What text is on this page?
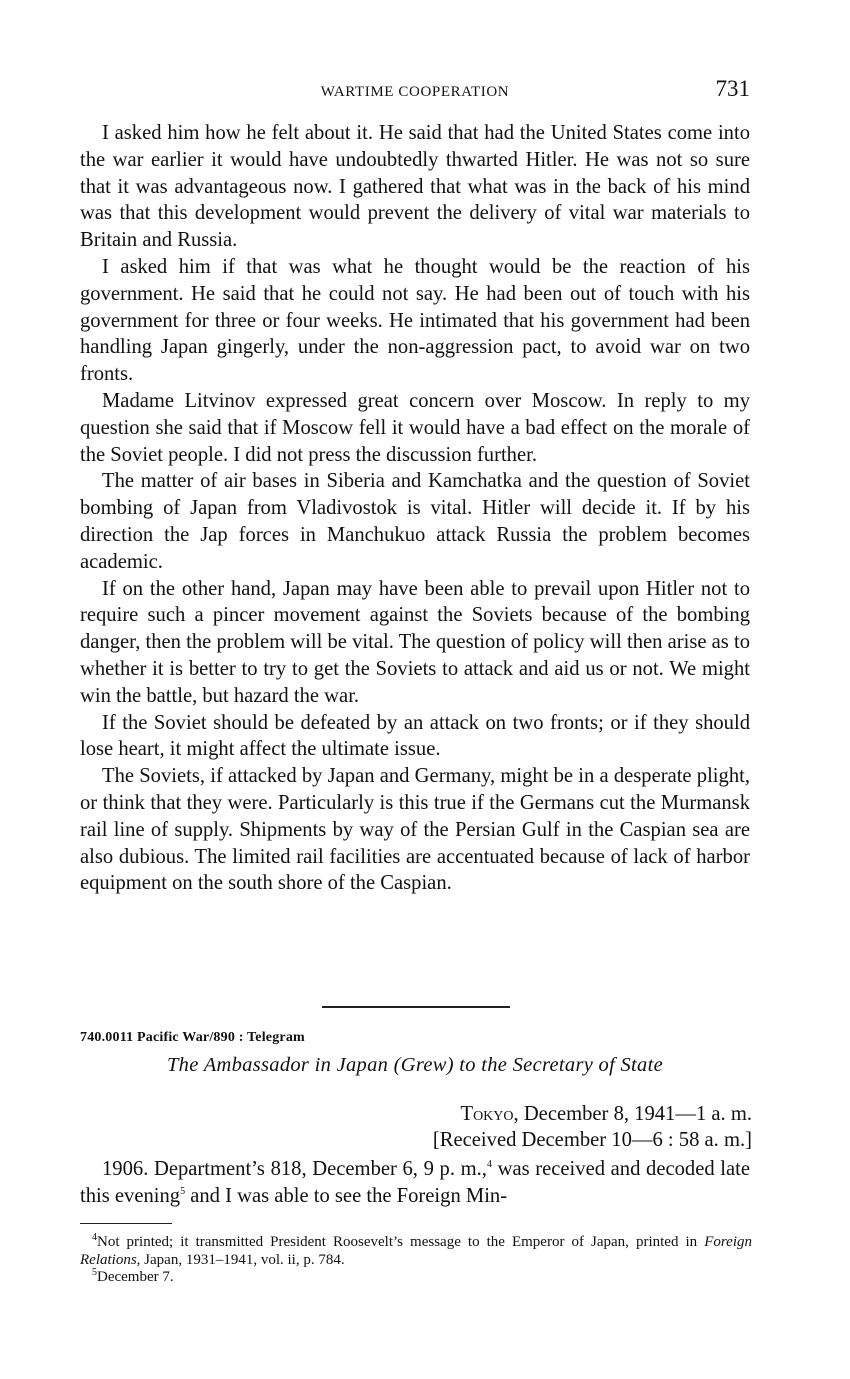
WARTIME COOPERATION	731

I asked him how he felt about it. He said that had the United States come into the war earlier it would have undoubtedly thwarted Hitler. He was not so sure that it was advantageous now. I gathered that what was in the back of his mind was that this development would prevent the delivery of vital war materials to Britain and Russia.

I asked him if that was what he thought would be the reaction of his government. He said that he could not say. He had been out of touch with his government for three or four weeks. He intimated that his government had been handling Japan gingerly, under the non-aggression pact, to avoid war on two fronts.

Madame Litvinov expressed great concern over Moscow. In reply to my question she said that if Moscow fell it would have a bad effect on the morale of the Soviet people. I did not press the discussion further.

The matter of air bases in Siberia and Kamchatka and the question of Soviet bombing of Japan from Vladivostok is vital. Hitler will decide it. If by his direction the Jap forces in Manchukuo attack Russia the problem becomes academic.

If on the other hand, Japan may have been able to prevail upon Hitler not to require such a pincer movement against the Soviets because of the bombing danger, then the problem will be vital. The question of policy will then arise as to whether it is better to try to get the Soviets to attack and aid us or not. We might win the battle, but hazard the war.

If the Soviet should be defeated by an attack on two fronts; or if they should lose heart, it might affect the ultimate issue.

The Soviets, if attacked by Japan and Germany, might be in a desperate plight, or think that they were. Particularly is this true if the Germans cut the Murmansk rail line of supply. Shipments by way of the Persian Gulf in the Caspian sea are also dubious. The limited rail facilities are accentuated because of lack of harbor equipment on the south shore of the Caspian.

740.0011 Pacific War/890 : Telegram
The Ambassador in Japan (Grew) to the Secretary of State
Tokyo, December 8, 1941—1 a. m.
[Received December 10—6 : 58 a. m.]

1906. Department’s 818, December 6, 9 p. m.,$^4$ was received and decoded late this evening$^5$ and I was able to see the Foreign Min-

$^4$Not printed; it transmitted President Roosevelt’s message to the Emperor of Japan, printed in Foreign Relations, Japan, 1931–1941, vol. ii, p. 784.

$^5$December 7.
